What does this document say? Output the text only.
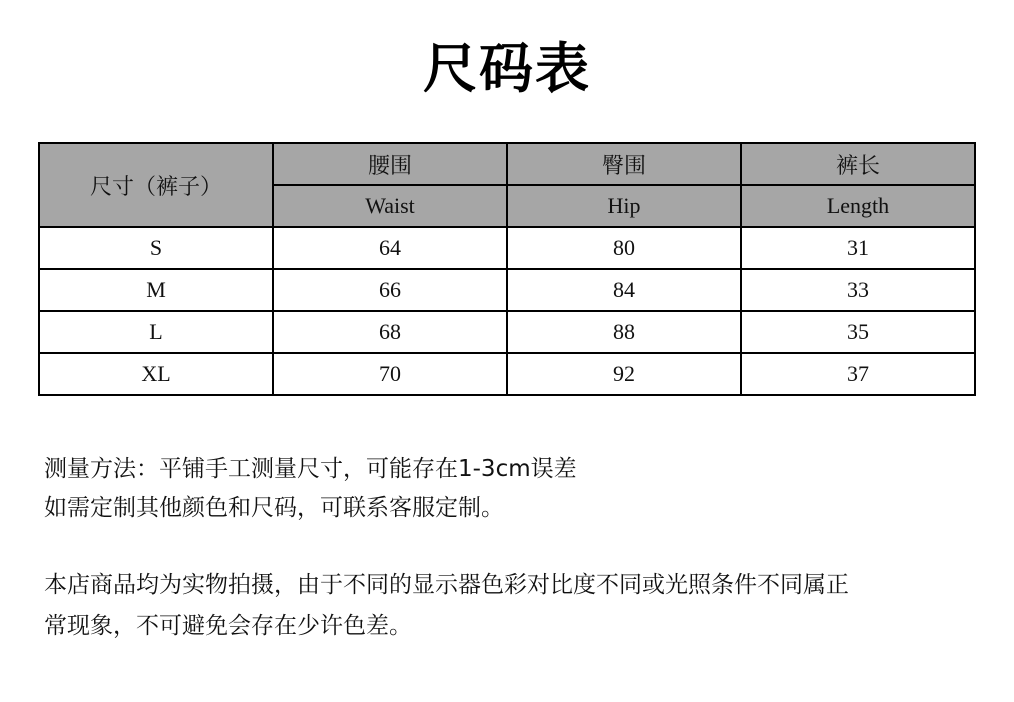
尺码表
尺寸（裤子）	腰围	臀围	裤长
	Waist	Hip	Length
S	64	80	31
M	66	84	33
L	68	88	35
XL	70	92	37
测量方法：平铺手工测量尺寸，可能存在1-3cm误差
如需定制其他颜色和尺码，可联系客服定制。
本店商品均为实物拍摄，由于不同的显示器色彩对比度不同或光照条件不同属正
常现象，不可避免会存在少许色差。
